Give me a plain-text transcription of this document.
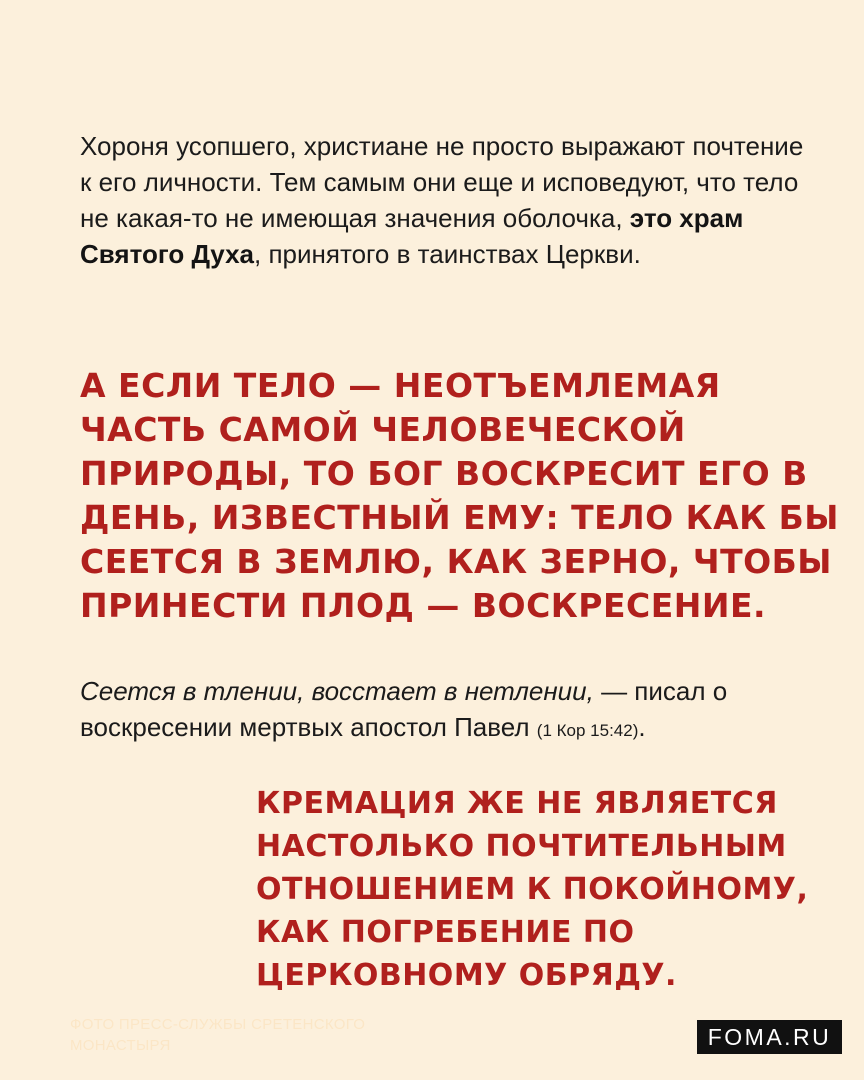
Хороня усопшего, христиане не просто выражают почтение к его личности. Тем самым они еще и исповедуют, что тело не какая-то не имеющая значения оболочка, это храм Святого Духа, принятого в таинствах Церкви.
А ЕСЛИ ТЕЛО — НЕОТЪЕМЛЕМАЯ ЧАСТЬ САМОЙ ЧЕЛОВЕЧЕСКОЙ ПРИРОДЫ, ТО БОГ ВОСКРЕСИТ ЕГО В ДЕНЬ, ИЗВЕСТНЫЙ ЕМУ: ТЕЛО КАК БЫ СЕЕТСЯ В ЗЕМЛЮ, КАК ЗЕРНО, ЧТОБЫ ПРИНЕСТИ ПЛОД — ВОСКРЕСЕНИЕ.
Сеется в тлении, восстает в нетлении, — писал о воскресении мертвых апостол Павел (1 Кор 15:42).
КРЕМАЦИЯ ЖЕ НЕ ЯВЛЯЕТСЯ НАСТОЛЬКО ПОЧТИТЕЛЬНЫМ ОТНОШЕНИЕМ К ПОКОЙНОМУ, КАК ПОГРЕБЕНИЕ ПО ЦЕРКОВНОМУ ОБРЯДУ.
ФОТО ПРЕСС-СЛУЖБЫ СРЕТЕНСКОГО МОНАСТЫРЯ	FOMA.RU
